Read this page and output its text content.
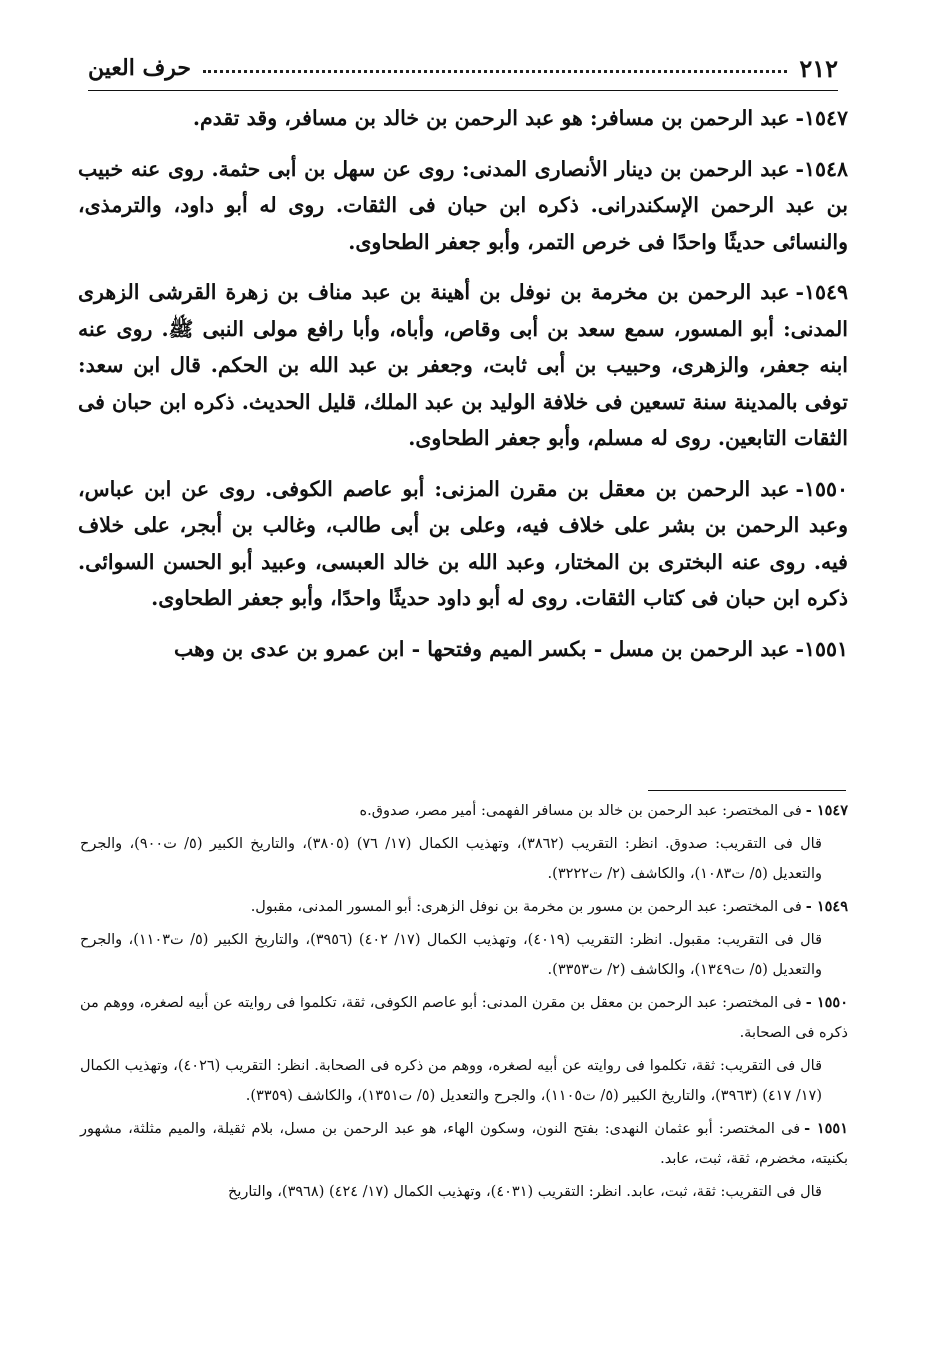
٢١٢
حرف العين

١٥٤٧-عبد الرحمن بن مسافر: هو عبد الرحمن بن خالد بن مسافر، وقد تقدم.

١٥٤٨-عبد الرحمن بن دينار الأنصارى المدنى: روى عن سهل بن أبى حثمة. روى عنه خبيب بن عبد الرحمن الإسكندرانى. ذكره ابن حبان فى الثقات. روى له أبو داود، والترمذى، والنسائى حديثًا واحدًا فى خرص التمر، وأبو جعفر الطحاوى.

١٥٤٩-عبد الرحمن بن مخرمة بن نوفل بن أهينة بن عبد مناف بن زهرة القرشى الزهرى المدنى: أبو المسور، سمع سعد بن أبى وقاص، وأباه، وأبا رافع مولى النبى ﷺ. روى عنه ابنه جعفر، والزهرى، وحبيب بن أبى ثابت، وجعفر بن عبد الله بن الحكم. قال ابن سعد: توفى بالمدينة سنة تسعين فى خلافة الوليد بن عبد الملك، قليل الحديث. ذكره ابن حبان فى الثقات التابعين. روى له مسلم، وأبو جعفر الطحاوى.

١٥٥٠-عبد الرحمن بن معقل بن مقرن المزنى: أبو عاصم الكوفى. روى عن ابن عباس، وعبد الرحمن بن بشر على خلاف فيه، وعلى بن أبى طالب، وغالب بن أبجر، على خلاف فيه. روى عنه البخترى بن المختار، وعبد الله بن خالد العبسى، وعبيد أبو الحسن السوائى. ذكره ابن حبان فى كتاب الثقات. روى له أبو داود حديثًا واحدًا، وأبو جعفر الطحاوى.

١٥٥١-عبد الرحمن بن مسل - بكسر الميم وفتحها - ابن عمرو بن عدى بن وهب

١٥٤٧ -فى المختصر: عبد الرحمن بن خالد بن مسافر الفهمى: أمير مصر، صدوق.ه

قال فى التقريب: صدوق. انظر: التقريب (٣٨٦٢)، وتهذيب الكمال (١٧/ ٧٦) (٣٨٠٥)، والتاريخ الكبير (٥/ ت٩٠٠)، والجرح والتعديل (٥/ ت١٠٨٣)، والكاشف (٢/ ت٣٢٢٢).

١٥٤٩ -فى المختصر: عبد الرحمن بن مسور بن مخرمة بن نوفل الزهرى: أبو المسور المدنى، مقبول.

قال فى التقريب: مقبول. انظر: التقريب (٤٠١٩)، وتهذيب الكمال (١٧/ ٤٠٢) (٣٩٥٦)، والتاريخ الكبير (٥/ ت١١٠٣)، والجرح والتعديل (٥/ ت١٣٤٩)، والكاشف (٢/ ت٣٣٥٣).

١٥٥٠ -فى المختصر: عبد الرحمن بن معقل بن مقرن المدنى: أبو عاصم الكوفى، ثقة، تكلموا فى روايته عن أبيه لصغره، ووهم من ذكره فى الصحابة.

قال فى التقريب: ثقة، تكلموا فى روايته عن أبيه لصغره، ووهم من ذكره فى الصحابة. انظر: التقريب (٤٠٢٦)، وتهذيب الكمال (١٧/ ٤١٧) (٣٩٦٣)، والتاريخ الكبير (٥/ ت١١٠٥)، والجرح والتعديل (٥/ ت١٣٥١)، والكاشف (٣٣٥٩).

١٥٥١ -فى المختصر: أبو عثمان النهدى: بفتح النون، وسكون الهاء، هو عبد الرحمن بن مسل، بلام ثقيلة، والميم مثلثة، مشهور بكنيته، مخضرم، ثقة، ثبت، عابد.

قال فى التقريب: ثقة، ثبت، عابد. انظر: التقريب (٤٠٣١)، وتهذيب الكمال (١٧/ ٤٢٤) (٣٩٦٨)، والتاريخ
